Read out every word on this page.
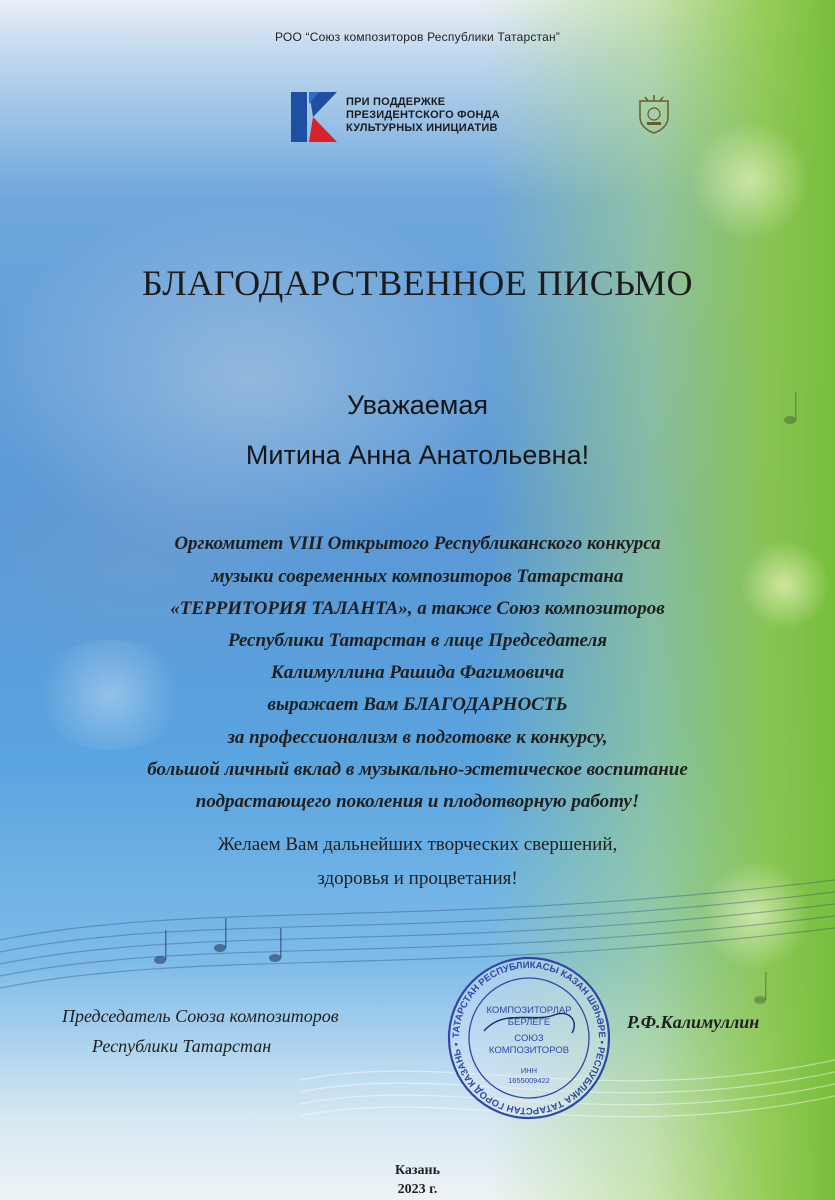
РОО “Союз композиторов Республики Татарстан”
ПРИ ПОДДЕРЖКЕ
ПРЕЗИДЕНТСКОГО ФОНДА
КУЛЬТУРНЫХ ИНИЦИАТИВ
БЛАГОДАРСТВЕННОЕ ПИСЬМО
Уважаемая
Митина Анна Анатольевна!
Оргкомитет VIII Открытого Республиканского конкурса
музыки современных композиторов Татарстана
«ТЕРРИТОРИЯ ТАЛАНТА», а также Союз композиторов
Республики Татарстан в лице Председателя
Калимуллина Рашида Фагимовича
выражает Вам БЛАГОДАРНОСТЬ
за профессионализм в подготовке к конкурсу,
большой личный вклад в музыкально-эстетическое воспитание
подрастающего поколения и плодотворную работу!
Желаем Вам дальнейших творческих свершений,
здоровья и процветания!
Председатель Союза композиторов
Республики Татарстан
ТАТАРСТАН РЕСПУБЛИКАСЫ КАЗАН ШӘҺӘРЕ • РЕСПУБЛИКА ТАТАРСТАН ГОРОД КАЗАНЬ •
КОМПОЗИТОРЛАР
БЕРЛЕГЕ
СОЮЗ
КОМПОЗИТОРОВ
ИНН
1655009422
Р.Ф.Калимуллин
Казань
2023 г.
